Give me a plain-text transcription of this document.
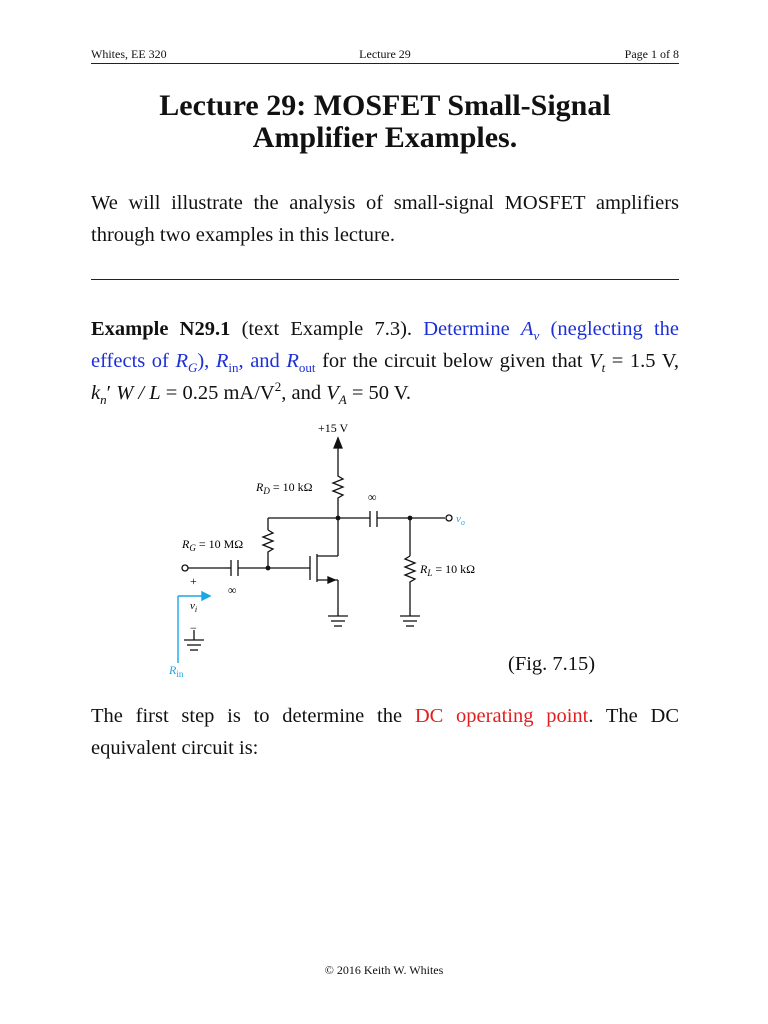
Whites, EE 320	Lecture 29	Page 1 of 8
Lecture 29: MOSFET Small-Signal
Amplifier Examples.
We will illustrate the analysis of small-signal MOSFET amplifiers through two examples in this lecture.
Example N29.1 (text Example 7.3). Determine $A_v$ (neglecting the effects of $R_G$), $R_{in}$, and $R_{out}$ for the circuit below given that $V_t = 1.5$ V, $k_n'$ W / L = 0.25 $mA/V^2$, and $V_A = 50$ V.
+15 V
$R_D = 10$ kΩ
$R_G = 10$ MΩ
$R_L = 10$ kΩ
∞
∞
$v_o$
+
$v_i$
−
$R_{in}$	(Fig. 7.15)
The first step is to determine the DC operating point. The DC equivalent circuit is:
© 2016 Keith W. Whites
